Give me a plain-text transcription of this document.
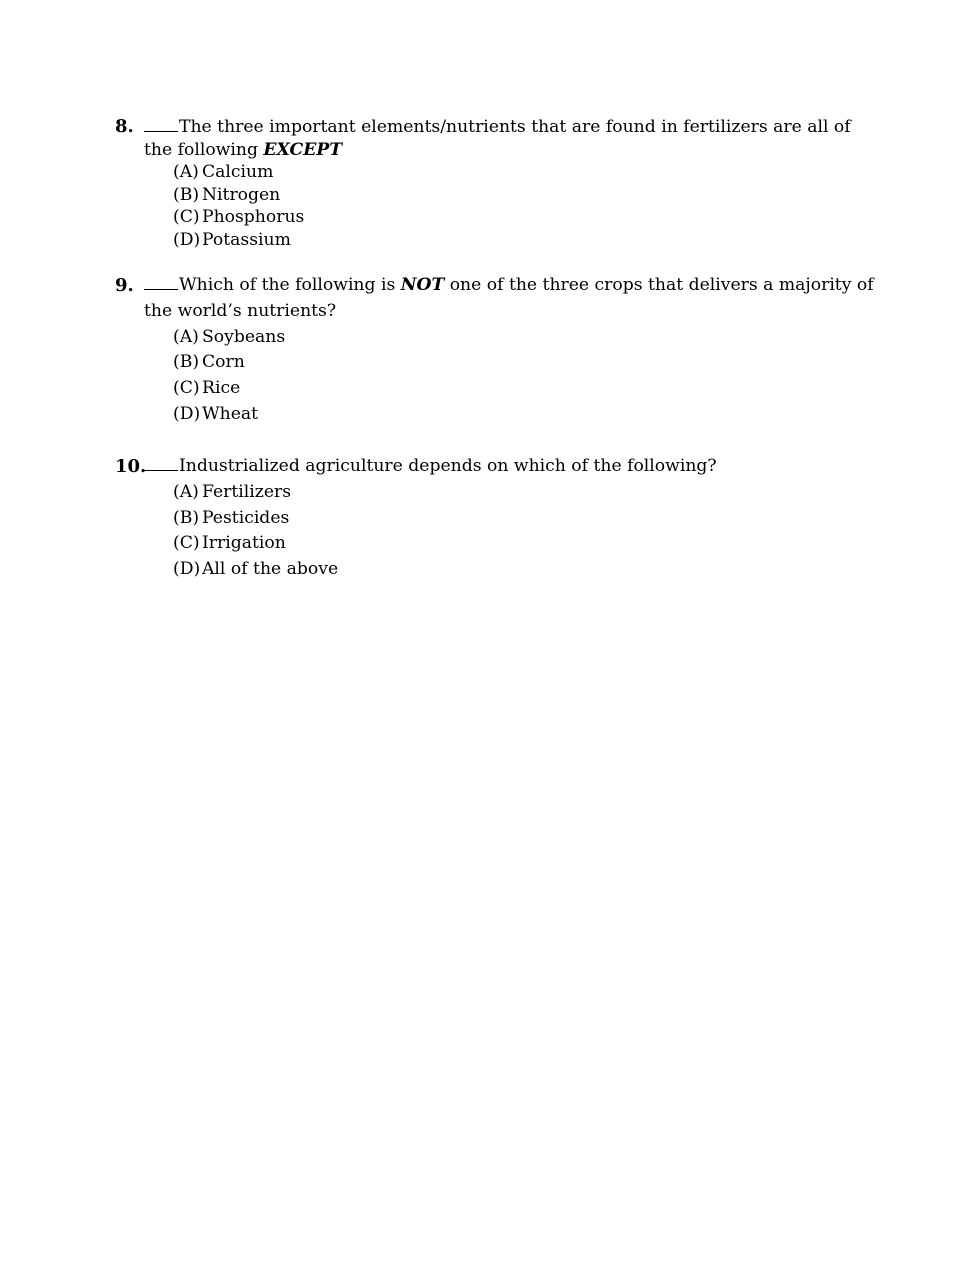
8.	The three important elements/nutrients that are found in fertilizers are all of the following EXCEPT

(A) Calcium
(B) Nitrogen
(C) Phosphorus
(D) Potassium
9.	Which of the following is NOT one of the three crops that delivers a majority of the world’s nutrients?

(A) Soybeans
(B) Corn
(C) Rice
(D) Wheat
10.	Industrialized agriculture depends on which of the following?

(A) Fertilizers
(B) Pesticides
(C) Irrigation
(D) All of the above
